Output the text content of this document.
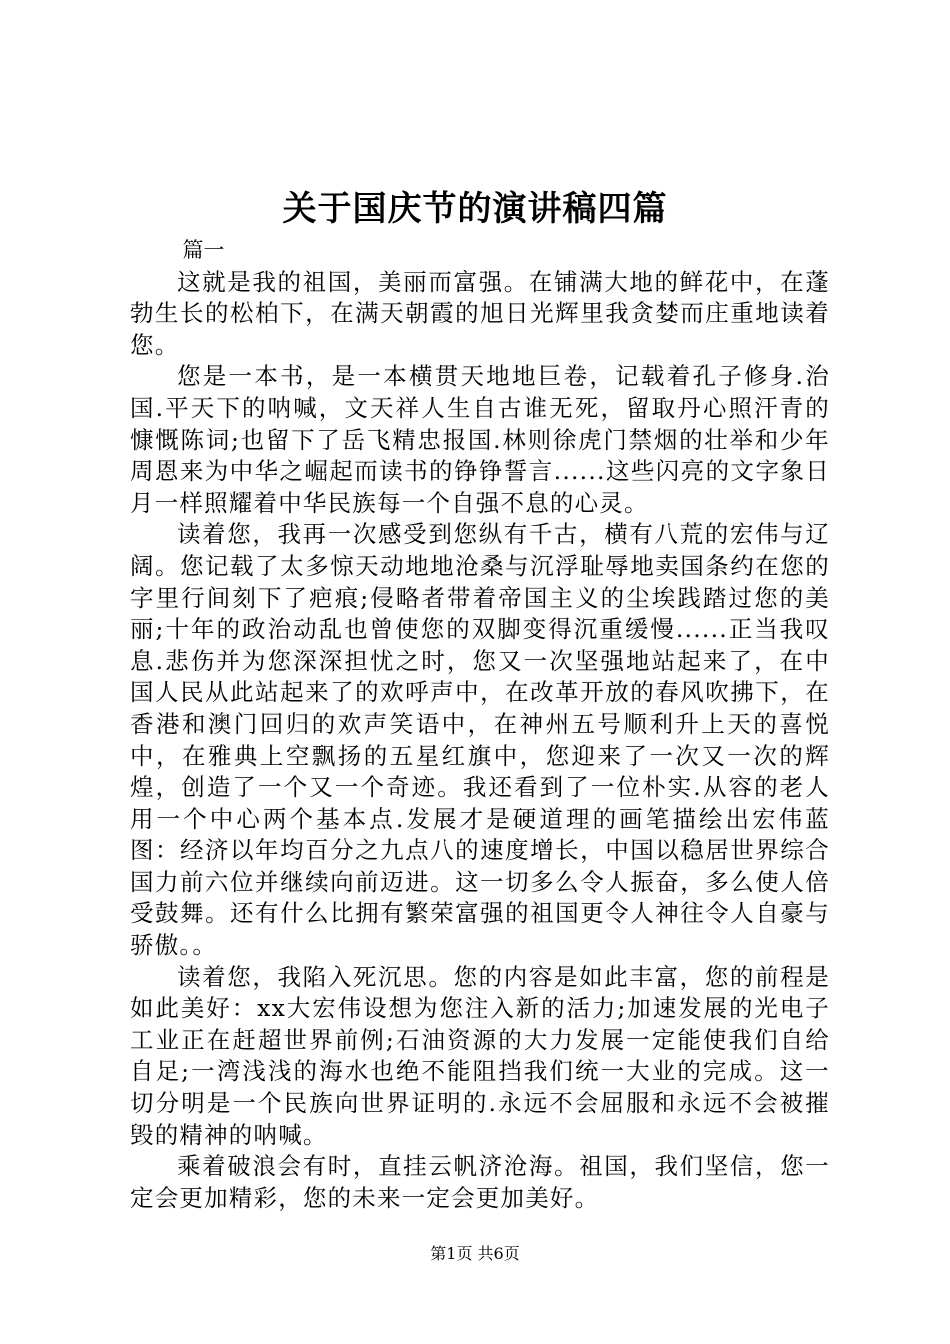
关于国庆节的演讲稿四篇

篇一

这就是我的祖国，美丽而富强。在铺满大地的鲜花中，在蓬勃生长的松柏下，在满天朝霞的旭日光辉里我贪婪而庄重地读着您。

您是一本书，是一本横贯天地地巨卷，记载着孔子修身.治国.平天下的呐喊，文天祥人生自古谁无死，留取丹心照汗青的慷慨陈词;也留下了岳飞精忠报国.林则徐虎门禁烟的壮举和少年周恩来为中华之崛起而读书的铮铮誓言......这些闪亮的文字象日月一样照耀着中华民族每一个自强不息的心灵。

读着您，我再一次感受到您纵有千古，横有八荒的宏伟与辽阔。您记载了太多惊天动地地沧桑与沉浮耻辱地卖国条约在您的字里行间刻下了疤痕;侵略者带着帝国主义的尘埃践踏过您的美丽;十年的政治动乱也曾使您的双脚变得沉重缓慢......正当我叹息.悲伤并为您深深担忧之时，您又一次坚强地站起来了，在中国人民从此站起来了的欢呼声中，在改革开放的春风吹拂下，在香港和澳门回归的欢声笑语中，在神州五号顺利升上天的喜悦中，在雅典上空飘扬的五星红旗中，您迎来了一次又一次的辉煌，创造了一个又一个奇迹。我还看到了一位朴实.从容的老人用一个中心两个基本点.发展才是硬道理的画笔描绘出宏伟蓝图：经济以年均百分之九点八的速度增长，中国以稳居世界综合国力前六位并继续向前迈进。这一切多么令人振奋，多么使人倍受鼓舞。还有什么比拥有繁荣富强的祖国更令人神往令人自豪与骄傲。。

读着您，我陷入死沉思。您的内容是如此丰富，您的前程是如此美好：xx大宏伟设想为您注入新的活力;加速发展的光电子工业正在赶超世界前例;石油资源的大力发展一定能使我们自给自足;一湾浅浅的海水也绝不能阻挡我们统一大业的完成。这一切分明是一个民族向世界证明的.永远不会屈服和永远不会被摧毁的精神的呐喊。

乘着破浪会有时，直挂云帆济沧海。祖国，我们坚信，您一定会更加精彩，您的未来一定会更加美好。

第1页 共6页
